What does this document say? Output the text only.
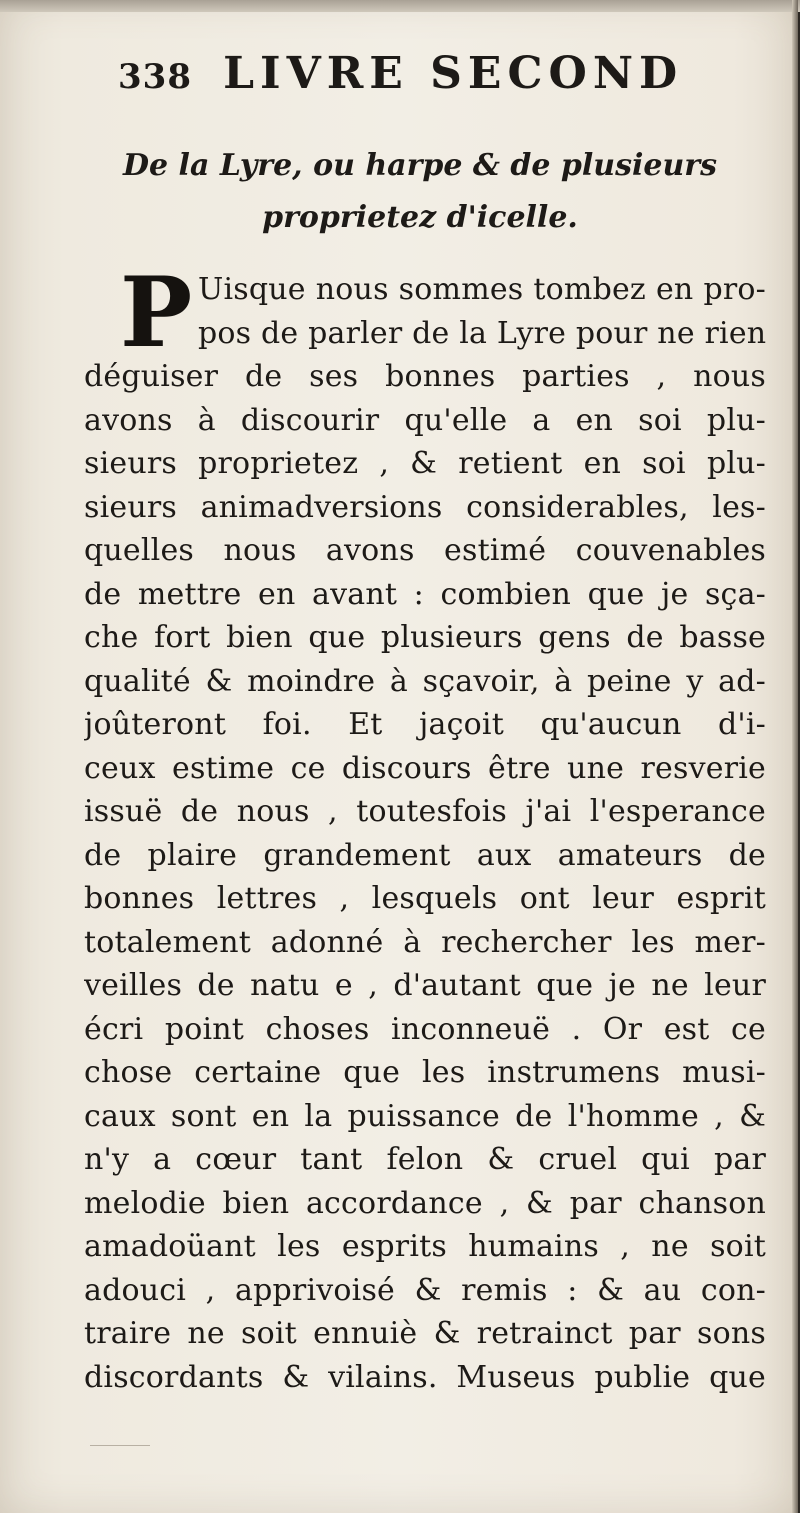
338 LIVRE SECOND
De la Lyre, ou harpe & de plusieurs
proprietez d'icelle.
P Uisque nous sommes tombez en pro-
pos de parler de la Lyre pour ne rien
déguiser de ses bonnes parties , nous
avons à discourir qu'elle a en soi plu-
sieurs proprietez , & retient en soi plu-
sieurs animadversions considerables, les-
quelles nous avons estimé couvenables
de mettre en avant : combien que je sça-
che fort bien que plusieurs gens de basse
qualité & moindre à sçavoir, à peine y ad-
joûteront foi. Et jaçoit qu'aucun d'i-
ceux estime ce discours être une resverie
issuë de nous , toutesfois j'ai l'esperance
de plaire grandement aux amateurs de
bonnes lettres , lesquels ont leur esprit
totalement adonné à rechercher les mer-
veilles de natu e , d'autant que je ne leur
écri point choses inconneuë . Or est ce
chose certaine que les instrumens musi-
caux sont en la puissance de l'homme , &
n'y a cœur tant felon & cruel qui par
melodie bien accordance , & par chanson
amadoüant les esprits humains , ne soit
adouci , apprivoisé & remis : & au con-
traire ne soit ennuiè & retrainct par sons
discordants & vilains. Museus publie que
